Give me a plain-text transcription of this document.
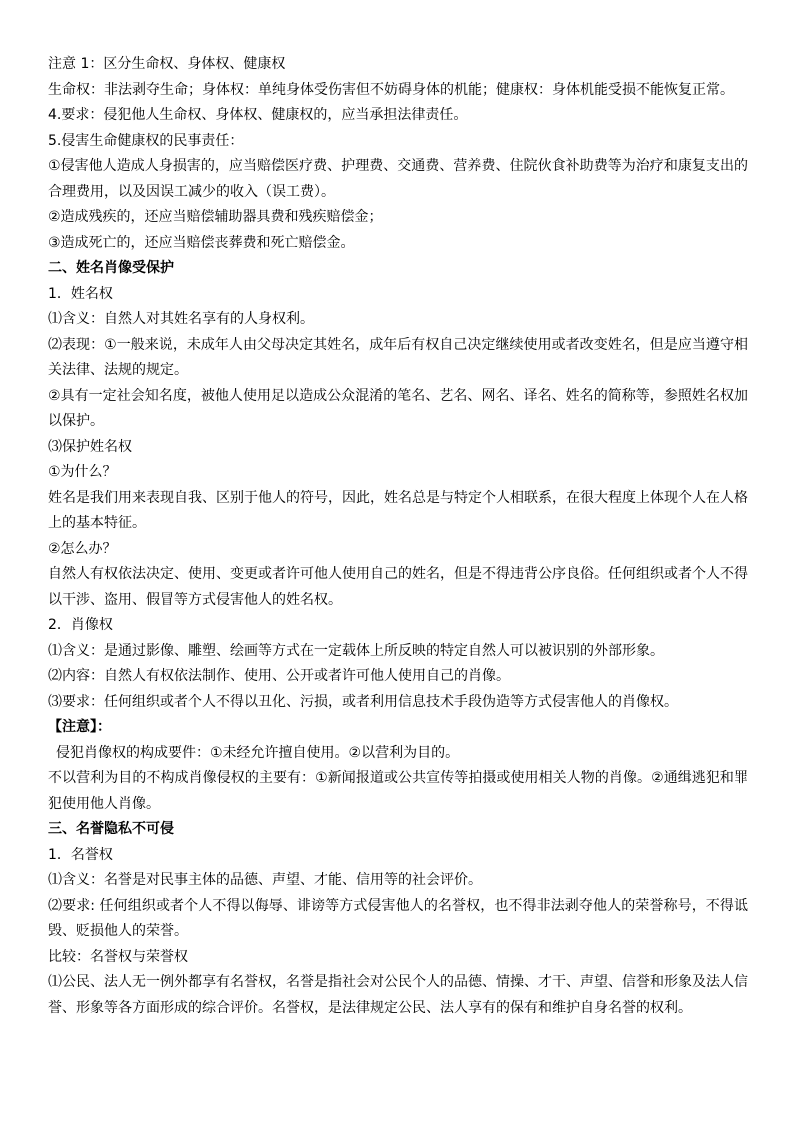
注意 1：区分生命权、身体权、健康权
生命权：非法剥夺生命；身体权：单纯身体受伤害但不妨碍身体的机能；健康权：身体机能受损不能恢复正常。
4.要求：侵犯他人生命权、身体权、健康权的，应当承担法律责任。
5.侵害生命健康权的民事责任：
①侵害他人造成人身损害的，应当赔偿医疗费、护理费、交通费、营养费、住院伙食补助费等为治疗和康复支出的合理费用，以及因误工减少的收入（误工费）。
②造成残疾的，还应当赔偿辅助器具费和残疾赔偿金；
③造成死亡的，还应当赔偿丧葬费和死亡赔偿金。
二、姓名肖像受保护
1．姓名权
⑴含义：自然人对其姓名享有的人身权利。
⑵表现：①一般来说，未成年人由父母决定其姓名，成年后有权自己决定继续使用或者改变姓名，但是应当遵守相关法律、法规的规定。
②具有一定社会知名度，被他人使用足以造成公众混淆的笔名、艺名、网名、译名、姓名的简称等，参照姓名权加以保护。
⑶保护姓名权
①为什么？
姓名是我们用来表现自我、区别于他人的符号，因此，姓名总是与特定个人相联系，在很大程度上体现个人在人格上的基本特征。
②怎么办？
自然人有权依法决定、使用、变更或者许可他人使用自己的姓名，但是不得违背公序良俗。任何组织或者个人不得以干涉、盗用、假冒等方式侵害他人的姓名权。
2．肖像权
⑴含义：是通过影像、雕塑、绘画等方式在一定载体上所反映的特定自然人可以被识别的外部形象。
⑵内容：自然人有权依法制作、使用、公开或者许可他人使用自己的肖像。
⑶要求：任何组织或者个人不得以丑化、污损，或者利用信息技术手段伪造等方式侵害他人的肖像权。
【注意】：
侵犯肖像权的构成要件：①未经允许擅自使用。②以营利为目的。
不以营利为目的不构成肖像侵权的主要有：①新闻报道或公共宣传等拍摄或使用相关人物的肖像。②通缉逃犯和罪犯使用他人肖像。
三、名誉隐私不可侵
1．名誉权
⑴含义：名誉是对民事主体的品德、声望、才能、信用等的社会评价。
⑵要求: 任何组织或者个人不得以侮辱、诽谤等方式侵害他人的名誉权，也不得非法剥夺他人的荣誉称号，不得诋毁、贬损他人的荣誉。
比较：名誉权与荣誉权
⑴公民、法人无一例外都享有名誉权，名誉是指社会对公民个人的品德、情操、才干、声望、信誉和形象及法人信誉、形象等各方面形成的综合评价。名誉权，是法律规定公民、法人享有的保有和维护自身名誉的权利。
